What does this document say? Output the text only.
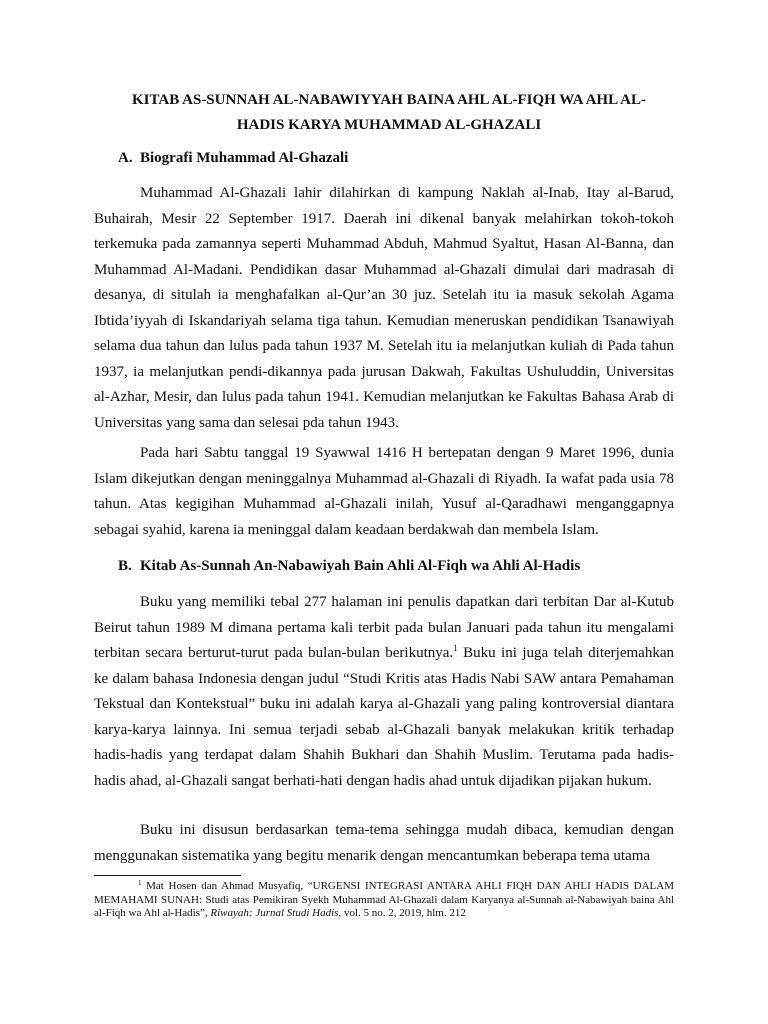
KITAB AS-SUNNAH AL-NABAWIYYAH BAINA AHL AL-FIQH WA AHL AL-
HADIS KARYA MUHAMMAD AL-GHAZALI
A. Biografi Muhammad Al-Ghazali

Muhammad Al-Ghazali lahir dilahirkan di kampung Naklah al-Inab, Itay al-Barud, Buhairah, Mesir 22 September 1917. Daerah ini dikenal banyak melahirkan tokoh-tokoh terkemuka pada zamannya seperti Muhammad Abduh, Mahmud Syaltut, Hasan Al-Banna, dan Muhammad Al-Madani. Pendidikan dasar Muhammad al-Ghazali dimulai dari madrasah di desanya, di situlah ia menghafalkan al-Qur’an 30 juz. Setelah itu ia masuk sekolah Agama Ibtida’iyyah di Iskandariyah selama tiga tahun. Kemudian meneruskan pendidikan Tsanawiyah selama dua tahun dan lulus pada tahun 1937 M. Setelah itu ia melanjutkan kuliah di Pada tahun 1937, ia melanjutkan pendi-dikannya pada jurusan Dakwah, Fakultas Ushuluddin, Universitas al-Azhar, Mesir, dan lulus pada tahun 1941. Kemudian melanjutkan ke Fakultas Bahasa Arab di Universitas yang sama dan selesai pda tahun 1943.

Pada hari Sabtu tanggal 19 Syawwal 1416 H bertepatan dengan 9 Maret 1996, dunia Islam dikejutkan dengan meninggalnya Muhammad al-Ghazali di Riyadh. Ia wafat pada usia 78 tahun. Atas kegigihan Muhammad al-Ghazali inilah, Yusuf al-Qaradhawi menganggapnya sebagai syahid, karena ia meninggal dalam keadaan berdakwah dan membela Islam.

B. Kitab As-Sunnah An-Nabawiyah Bain Ahli Al-Fiqh wa Ahli Al-Hadis

Buku yang memiliki tebal 277 halaman ini penulis dapatkan dari terbitan Dar al-Kutub Beirut tahun 1989 M dimana pertama kali terbit pada bulan Januari pada tahun itu mengalami terbitan secara berturut-turut pada bulan-bulan berikutnya.$^1$ Buku ini juga telah diterjemahkan ke dalam bahasa Indonesia dengan judul “Studi Kritis atas Hadis Nabi SAW antara Pemahaman Tekstual dan Kontekstual” buku ini adalah karya al-Ghazali yang paling kontroversial diantara karya-karya lainnya. Ini semua terjadi sebab al-Ghazali banyak melakukan kritik terhadap hadis-hadis yang terdapat dalam Shahih Bukhari dan Shahih Muslim. Terutama pada hadis-hadis ahad, al-Ghazali sangat berhati-hati dengan hadis ahad untuk dijadikan pijakan hukum.

Buku ini disusun berdasarkan tema-tema sehingga mudah dibaca, kemudian dengan menggunakan sistematika yang begitu menarik dengan mencantumkan beberapa tema utama

$^1$ Mat Hosen dan Ahmad Musyafiq, “URGENSI INTEGRASI ANTARA AHLI FIQH DAN AHLI HADIS DALAM MEMAHAMI SUNAH: Studi atas Pemikiran Syekh Muhammad Al-Ghazali dalam Karyanya al-Sunnah al-Nabawiyah baina Ahl al-Fiqh wa Ahl al-Hadis”, Riwayah: Jurnal Studi Hadis, vol. 5 no. 2, 2019, hlm. 212
